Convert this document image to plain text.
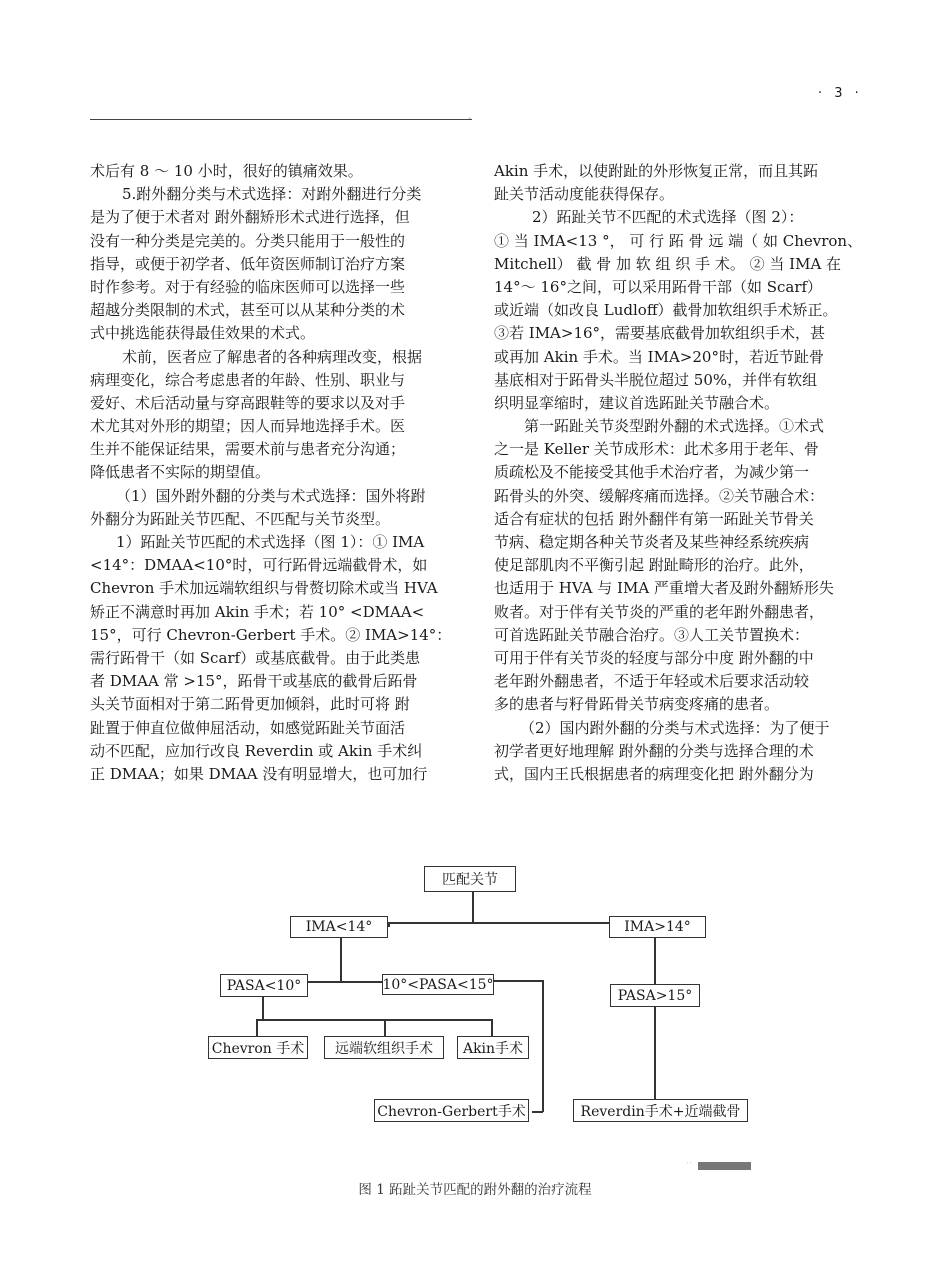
· 3 ·
˘
术后有 8 ～ 10 小时，很好的镇痛效果。
5.跗外翻分类与术式选择：对跗外翻进行分类
是为了便于术者对 跗外翻矫形术式进行选择，但
没有一种分类是完美的。分类只能用于一般性的
指导，或便于初学者、低年资医师制订治疗方案
时作参考。对于有经验的临床医师可以选择一些
超越分类限制的术式，甚至可以从某种分类的术
式中挑选能获得最佳效果的术式。
术前，医者应了解患者的各种病理改变，根据
病理变化，综合考虑患者的年龄、性别、职业与
爱好、术后活动量与穿高跟鞋等的要求以及对手
术尤其对外形的期望；因人而异地选择手术。医
生并不能保证结果，需要术前与患者充分沟通；
降低患者不实际的期望值。
（1）国外跗外翻的分类与术式选择：国外将跗
外翻分为跖趾关节匹配、不匹配与关节炎型。
1）跖趾关节匹配的术式选择（图 1）：① IMA
<14°：DMAA<10°时，可行跖骨远端截骨术，如
Chevron 手术加远端软组织与骨赘切除术或当 HVA
矫正不满意时再加 Akin 手术；若 10° <DMAA<
15°，可行 Chevron-Gerbert 手术。② IMA>14°：
需行跖骨干（如 Scarf）或基底截骨。由于此类患
者 DMAA 常 >15°，跖骨干或基底的截骨后跖骨
头关节面相对于第二跖骨更加倾斜，此时可将 跗
趾置于伸直位做伸屈活动，如感觉跖趾关节面活
动不匹配，应加行改良 Reverdin 或 Akin 手术纠
正 DMAA；如果 DMAA 没有明显增大，也可加行
Akin 手术，以使跗趾的外形恢复正常，而且其跖
趾关节活动度能获得保存。
2）跖趾关节不匹配的术式选择（图 2）：
① 当 IMA<13 °， 可 行 跖 骨 远 端（ 如 Chevron、
Mitchell） 截 骨 加 软 组 织 手 术。 ② 当 IMA 在
14°～ 16°之间，可以采用跖骨干部（如 Scarf）
或近端（如改良 Ludloff）截骨加软组织手术矫正。
③若 IMA>16°，需要基底截骨加软组织手术，甚
或再加 Akin 手术。当 IMA>20°时，若近节趾骨
基底相对于跖骨头半脱位超过 50%，并伴有软组
织明显挛缩时，建议首选跖趾关节融合术。
第一跖趾关节炎型跗外翻的术式选择。①术式
之一是 Keller 关节成形术：此术多用于老年、骨
质疏松及不能接受其他手术治疗者，为减少第一
跖骨头的外突、缓解疼痛而选择。②关节融合术：
适合有症状的包括 跗外翻伴有第一跖趾关节骨关
节病、稳定期各种关节炎者及某些神经系统疾病
使足部肌肉不平衡引起 跗趾畸形的治疗。此外，
也适用于 HVA 与 IMA 严重增大者及跗外翻矫形失
败者。对于伴有关节炎的严重的老年跗外翻患者，
可首选跖趾关节融合治疗。③人工关节置换术：
可用于伴有关节炎的轻度与部分中度 跗外翻的中
老年跗外翻患者，不适于年轻或术后要求活动较
多的患者与籽骨跖骨关节病变疼痛的患者。
（2）国内跗外翻的分类与术式选择：为了便于
初学者更好地理解 跗外翻的分类与选择合理的术
式，国内王氏根据患者的病理变化把 跗外翻分为
匹配关节
IMA<14°	IMA>14°
PASA<10°	10°<PASA<15°
PASA>15°
Chevron 手术	远端软组织手术	Akin手术
Chevron-Gerbert手术	Reverdin手术+近端截骨
˙˙
图 1 跖趾关节匹配的跗外翻的治疗流程
